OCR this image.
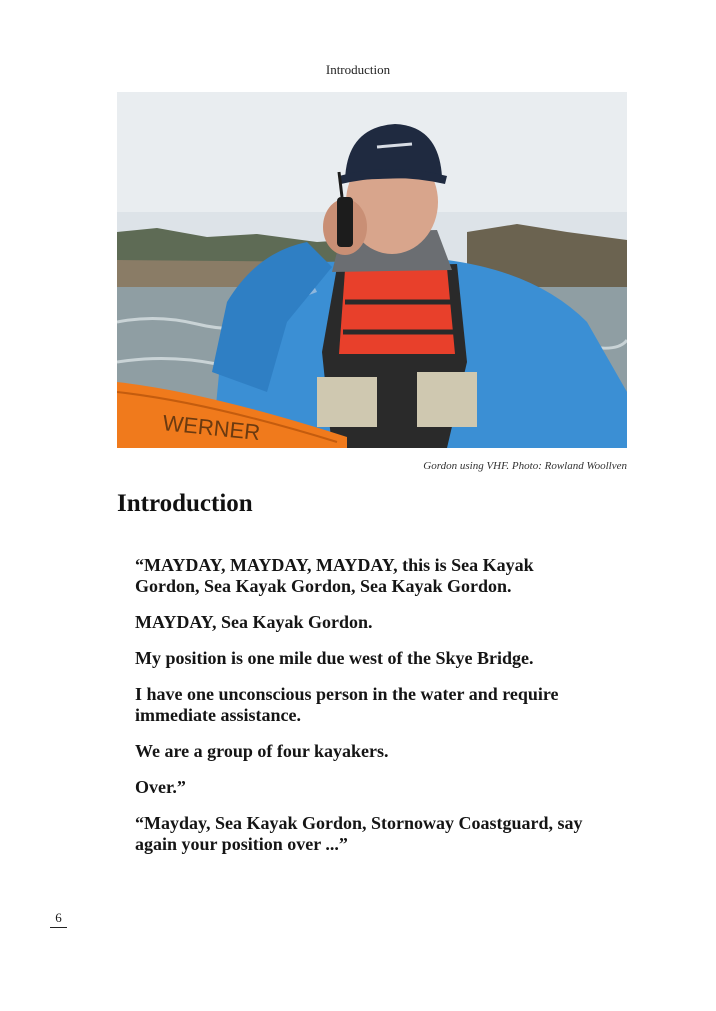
Introduction
WERNER
Gordon using VHF. Photo: Rowland Woollven
Introduction

“MAYDAY, MAYDAY, MAYDAY, this is Sea Kayak Gordon, Sea Kayak Gordon, Sea Kayak Gordon.

MAYDAY, Sea Kayak Gordon.

My position is one mile due west of the Skye Bridge.

I have one unconscious person in the water and require immediate assistance.

We are a group of four kayakers.

Over.”

“Mayday, Sea Kayak Gordon, Stornoway Coastguard, say again your position over ...”

6
